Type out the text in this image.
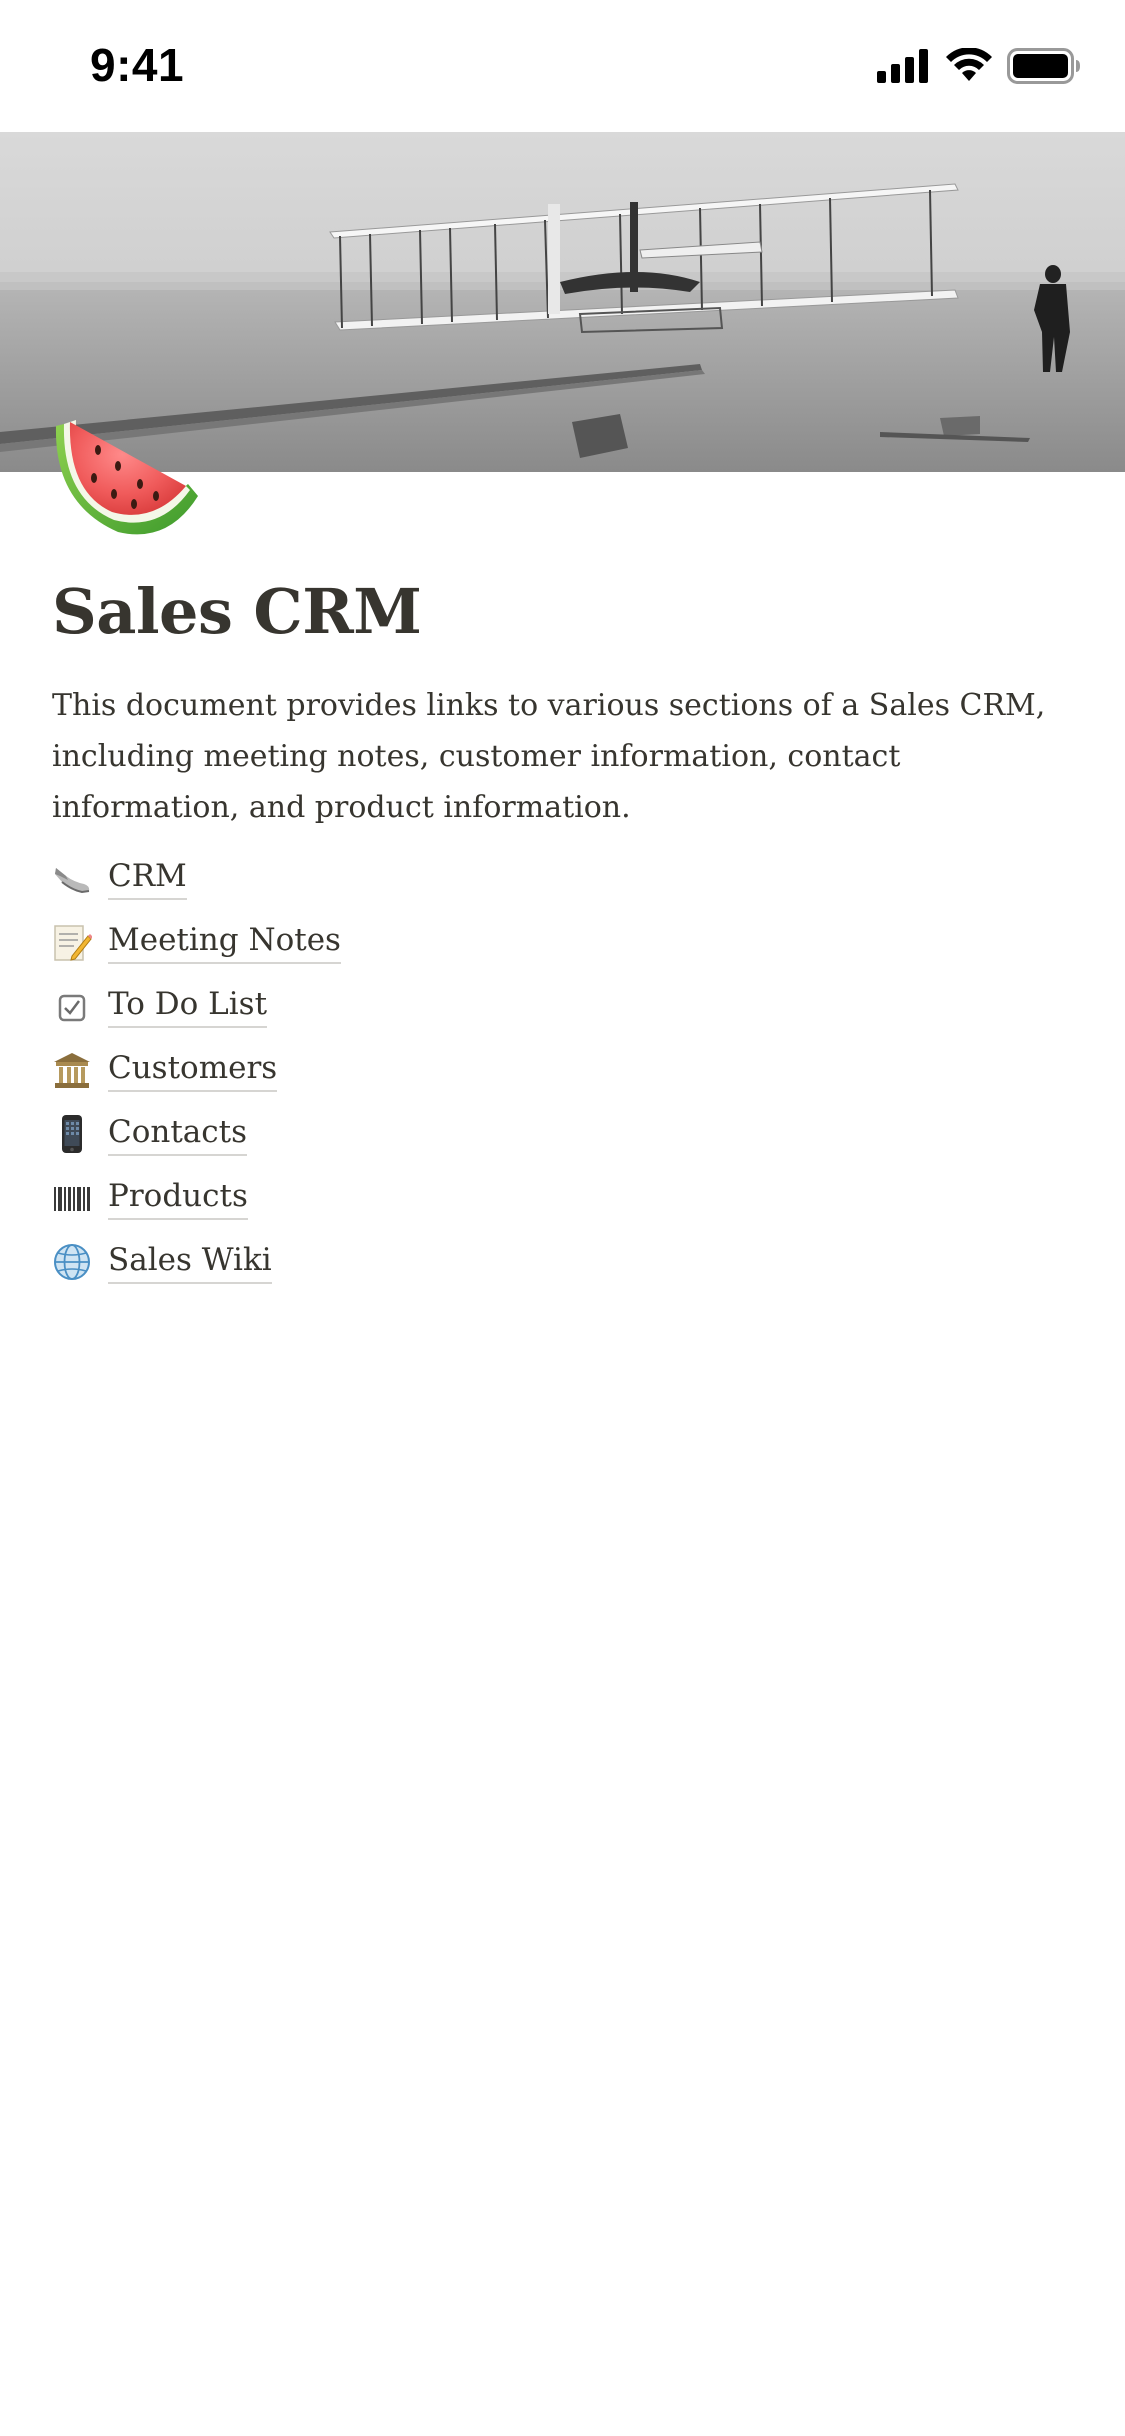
9:41
Sales CRM

This document provides links to various sections of a Sales CRM, including meeting notes, customer information, contact information, and product information.

CRM
Meeting Notes
To Do List
Customers
Contacts
Products
Sales Wiki
